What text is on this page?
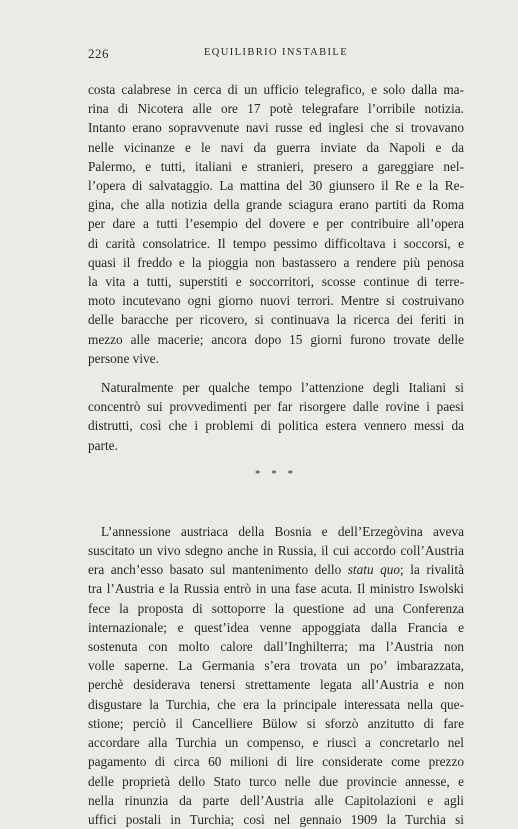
226	EQUILIBRIO INSTABILE

costa calabrese in cerca di un ufficio telegrafico, e solo dalla ma-
rina di Nicotera alle ore 17 potè telegrafare l’orribile notizia.
Intanto erano sopravvenute navi russe ed inglesi che si trovavano
nelle vicinanze e le navi da guerra inviate da Napoli e da
Palermo, e tutti, italiani e stranieri, presero a gareggiare nel-
l’opera di salvataggio. La mattina del 30 giunsero il Re e la Re-
gina, che alla notizia della grande sciagura erano partiti da Roma
per dare a tutti l’esempio del dovere e per contribuire all’opera
di carità consolatrice. Il tempo pessimo difficoltava i soccorsi, e
quasi il freddo e la pioggia non bastassero a rendere più penosa
la vita a tutti, superstiti e soccorritori, scosse continue di terre-
moto incutevano ogni giorno nuovi terrori. Mentre si costruivano
delle baracche per ricovero, si continuava la ricerca dei feriti in
mezzo alle macerie; ancora dopo 15 giorni furono trovate delle
persone vive.

Naturalmente per qualche tempo l’attenzione degli Italiani si
concentrò sui provvedimenti per far risorgere dalle rovine i paesi
distrutti, così che i problemi di politica estera vennero messi da
parte.

* * *

L’annessione austriaca della Bosnia e dell’Erzegòvina aveva
suscitato un vivo sdegno anche in Russia, il cui accordo coll’Austria
era anch’esso basato sul mantenimento dello statu quo; la rivalità
tra l’Austria e la Russia entrò in una fase acuta. Il ministro Iswolski
fece la proposta di sottoporre la questione ad una Conferenza
internazionale; e quest’idea venne appoggiata dalla Francia e
sostenuta con molto calore dall’Inghilterra; ma l’Austria non
volle saperne. La Germania s’era trovata un po’ imbarazzata,
perchè desiderava tenersi strettamente legata all’Austria e non
disgustare la Turchia, che era la principale interessata nella que-
stione; perciò il Cancelliere Bülow si sforzò anzitutto di fare
accordare alla Turchia un compenso, e riuscì a concretarlo nel
pagamento di circa 60 milioni di lire considerate come prezzo
delle proprietà dello Stato turco nelle due provincie annesse, e
nella rinunzia da parte dell’Austria alle Capitolazioni e agli
uffici postali in Turchia; così nel gennaio 1909 la Turchia si
